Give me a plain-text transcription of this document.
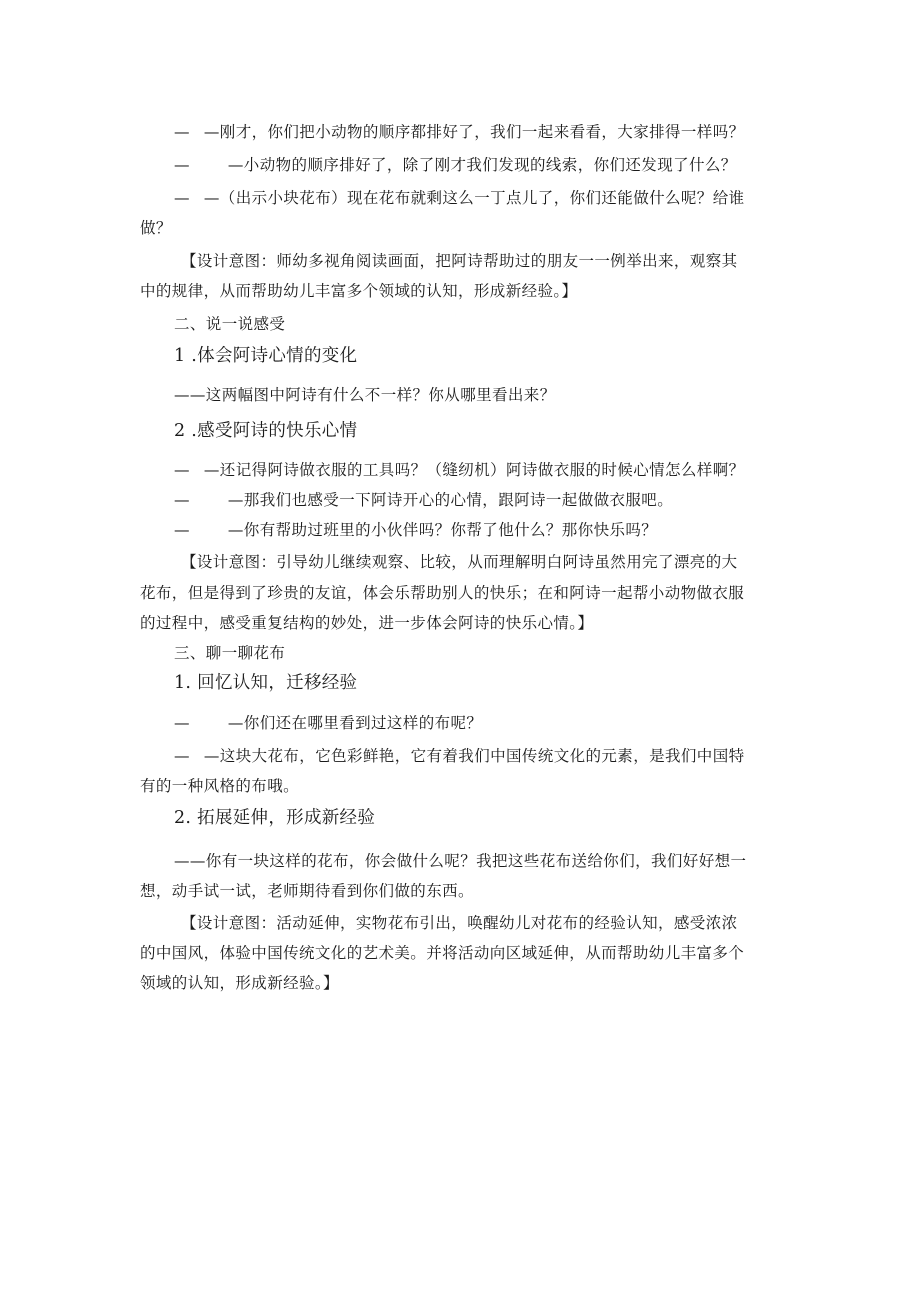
— —刚才，你们把小动物的顺序都排好了，我们一起来看看，大家排得一样吗？
— —小动物的顺序排好了，除了刚才我们发现的线索，你们还发现了什么？
— —（出示小块花布）现在花布就剩这么一丁点儿了，你们还能做什么呢？给谁
做？
【设计意图：师幼多视角阅读画面，把阿诗帮助过的朋友一一例举出来，观察其
中的规律，从而帮助幼儿丰富多个领域的认知，形成新经验。】
二、说一说感受
1 .体会阿诗心情的变化
——这两幅图中阿诗有什么不一样？你从哪里看出来？
2 .感受阿诗的快乐心情
— —还记得阿诗做衣服的工具吗？（缝纫机）阿诗做衣服的时候心情怎么样啊？
— —那我们也感受一下阿诗开心的心情，跟阿诗一起做做衣服吧。
— —你有帮助过班里的小伙伴吗？你帮了他什么？那你快乐吗？
【设计意图：引导幼儿继续观察、比较，从而理解明白阿诗虽然用完了漂亮的大
花布，但是得到了珍贵的友谊，体会乐帮助别人的快乐；在和阿诗一起帮小动物做衣服
的过程中，感受重复结构的妙处，进一步体会阿诗的快乐心情。】
三、聊一聊花布
1. 回忆认知，迁移经验
— —你们还在哪里看到过这样的布呢？
— —这块大花布，它色彩鲜艳，它有着我们中国传统文化的元素，是我们中国特
有的一种风格的布哦。
2. 拓展延伸，形成新经验
——你有一块这样的花布，你会做什么呢？我把这些花布送给你们，我们好好想一
想，动手试一试，老师期待看到你们做的东西。
【设计意图：活动延伸，实物花布引出，唤醒幼儿对花布的经验认知，感受浓浓
的中国风，体验中国传统文化的艺术美。并将活动向区域延伸，从而帮助幼儿丰富多个
领域的认知，形成新经验。】
